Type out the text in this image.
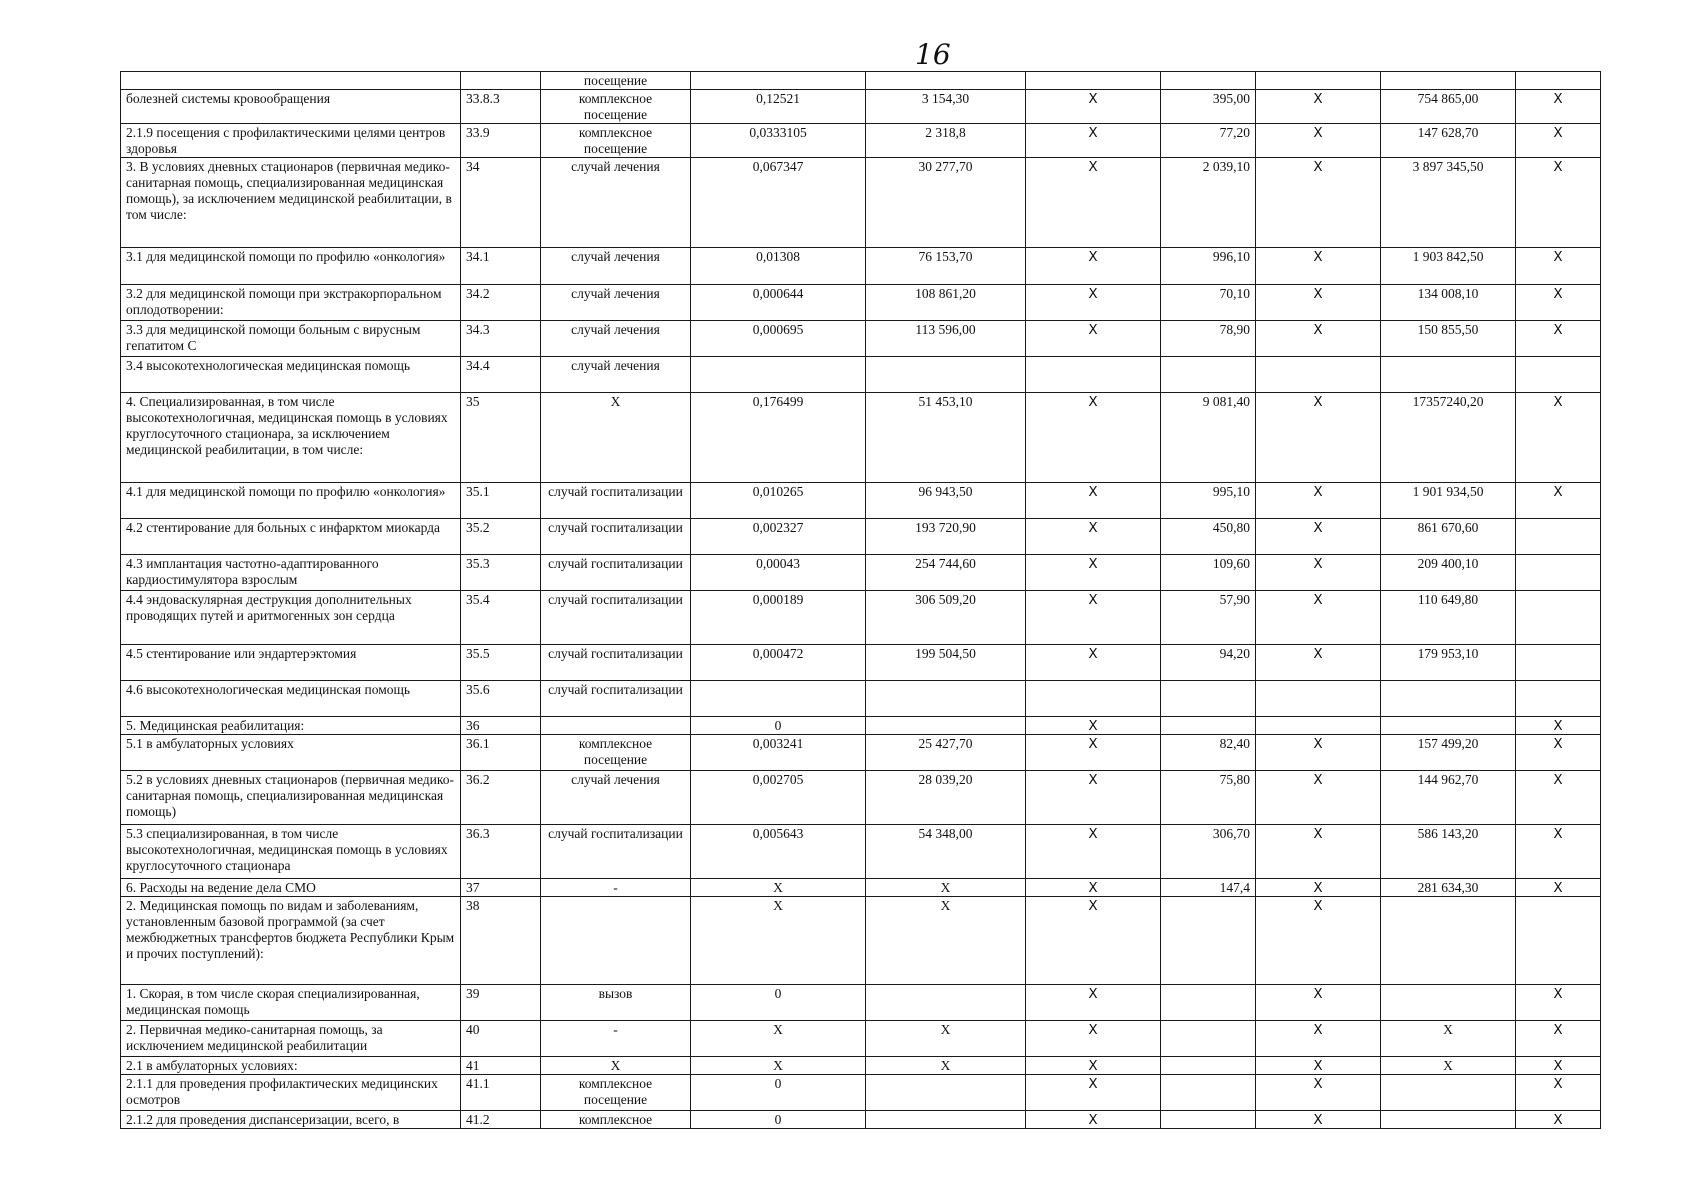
16
		посещение							
болезней системы кровообращения	33.8.3	комплексное посещение	0,12521	3 154,30	X	395,00	X	754 865,00	X
2.1.9 посещения с профилактическими целями центров здоровья	33.9	комплексное посещение	0,0333105	2 318,8	X	77,20	X	147 628,70	X
3. В условиях дневных стационаров (первичная медико-санитарная помощь, специализированная медицинская помощь), за исключением медицинской реабилитации, в том числе:	34	случай лечения	0,067347	30 277,70	X	2 039,10	X	3 897 345,50	X
3.1 для медицинской помощи по профилю «онкология»	34.1	случай лечения	0,01308	76 153,70	X	996,10	X	1 903 842,50	X
3.2 для медицинской помощи при экстракорпоральном оплодотворении:	34.2	случай лечения	0,000644	108 861,20	X	70,10	X	134 008,10	X
3.3 для медицинской помощи больным с вирусным гепатитом С	34.3	случай лечения	0,000695	113 596,00	X	78,90	X	150 855,50	X
3.4 высокотехнологическая медицинская помощь	34.4	случай лечения							
4. Специализированная, в том числе высокотехнологичная, медицинская помощь в условиях круглосуточного стационара, за исключением медицинской реабилитации, в том числе:	35	X	0,176499	51 453,10	X	9 081,40	X	17357240,20	X
4.1 для медицинской помощи по профилю «онкология»	35.1	случай госпитализации	0,010265	96 943,50	X	995,10	X	1 901 934,50	X
4.2 стентирование для больных с инфарктом миокарда	35.2	случай госпитализации	0,002327	193 720,90	X	450,80	X	861 670,60	
4.3 имплантация частотно-адаптированного кардиостимулятора взрослым	35.3	случай госпитализации	0,00043	254 744,60	X	109,60	X	209 400,10	
4.4 эндоваскулярная деструкция дополнительных проводящих путей и аритмогенных зон сердца	35.4	случай госпитализации	0,000189	306 509,20	X	57,90	X	110 649,80	
4.5 стентирование или эндартерэктомия	35.5	случай госпитализации	0,000472	199 504,50	X	94,20	X	179 953,10	
4.6 высокотехнологическая медицинская помощь	35.6	случай госпитализации							
5. Медицинская реабилитация:	36		0		X				X
5.1 в амбулаторных условиях	36.1	комплексное посещение	0,003241	25 427,70	X	82,40	X	157 499,20	X
5.2 в условиях дневных стационаров (первичная медико-санитарная помощь, специализированная медицинская помощь)	36.2	случай лечения	0,002705	28 039,20	X	75,80	X	144 962,70	X
5.3 специализированная, в том числе высокотехнологичная, медицинская помощь в условиях круглосуточного стационара	36.3	случай госпитализации	0,005643	54 348,00	X	306,70	X	586 143,20	X
6. Расходы на ведение дела СМО	37	-	X	X	X	147,4	X	281 634,30	X
2. Медицинская помощь по видам и заболеваниям, установленным базовой программой (за счет межбюджетных трансфертов бюджета Республики Крым и прочих поступлений):	38		X	X	X		X		
1. Скорая, в том числе скорая специализированная, медицинская помощь	39	вызов	0		X		X		X
2. Первичная медико-санитарная помощь, за исключением медицинской реабилитации	40	-	X	X	X		X	X	X
2.1 в амбулаторных условиях:	41	X	X	X	X		X	X	X
2.1.1 для проведения профилактических медицинских осмотров	41.1	комплексное посещение	0		X		X		X
2.1.2 для проведения диспансеризации, всего, в	41.2	комплексное	0		X		X		X
